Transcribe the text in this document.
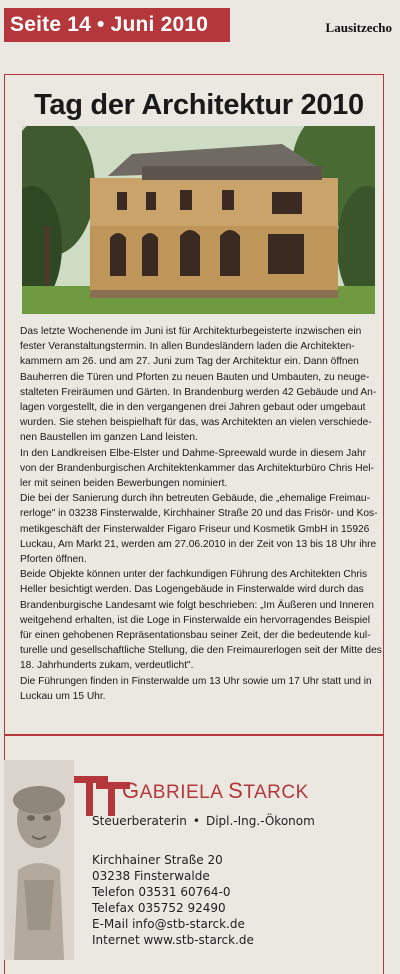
Seite 14 • Juni 2010	Lausitzecho
Tag der Architektur 2010

Das letzte Wochenende im Juni ist für Architekturbegeisterte inzwischen ein

fester Veranstaltungstermin. In allen Bundesländern laden die Architekten-

kammern am 26. und am 27. Juni zum Tag der Architektur ein. Dann öffnen

Bauherren die Türen und Pforten zu neuen Bauten und Umbauten, zu neuge-

stalteten Freiräumen und Gärten. In Brandenburg werden 42 Gebäude und An-

lagen vorgestellt, die in den vergangenen drei Jahren gebaut oder umgebaut

wurden. Sie stehen beispielhaft für das, was Architekten an vielen verschiede-

nen Baustellen im ganzen Land leisten.

In den Landkreisen Elbe-Elster und Dahme-Spreewald wurde in diesem Jahr

von der Brandenburgischen Architektenkammer das Architekturbüro Chris Hel-

ler mit seinen beiden Bewerbungen nominiert.

Die bei der Sanierung durch ihn betreuten Gebäude, die „ehemalige Freimau-

rerloge" in 03238 Finsterwalde, Kirchhainer Straße 20 und das Frisör- und Kos-

metikgeschäft der Finsterwalder Figaro Friseur und Kosmetik GmbH in 15926

Luckau, Am Markt 21, werden am 27.06.2010 in der Zeit von 13 bis 18 Uhr ihre

Pforten öffnen.

Beide Objekte können unter der fachkundigen Führung des Architekten Chris

Heller besichtigt werden. Das Logengebäude in Finsterwalde wird durch das

Brandenburgische Landesamt wie folgt beschrieben: „Im Äußeren und Inneren

weitgehend erhalten, ist die Loge in Finsterwalde ein hervorragendes Beispiel

für einen gehobenen Repräsentationsbau seiner Zeit, der die bedeutende kul-

turelle und gesellschaftliche Stellung, die den Freimaurerlogen seit der Mitte des

18. Jahrhunderts zukam, verdeutlicht".

Die Führungen finden in Finsterwalde um 13 Uhr sowie um 17 Uhr statt und in

Luckau um 15 Uhr.

GABRIELA STARCK
Steuerberaterin • Dipl.-Ing.-Ökonom
Kirchhainer Straße 20
03238 Finsterwalde
Telefon 03531 60764-0
Telefax 035752 92490
E-Mail info@stb-starck.de
Internet www.stb-starck.de
